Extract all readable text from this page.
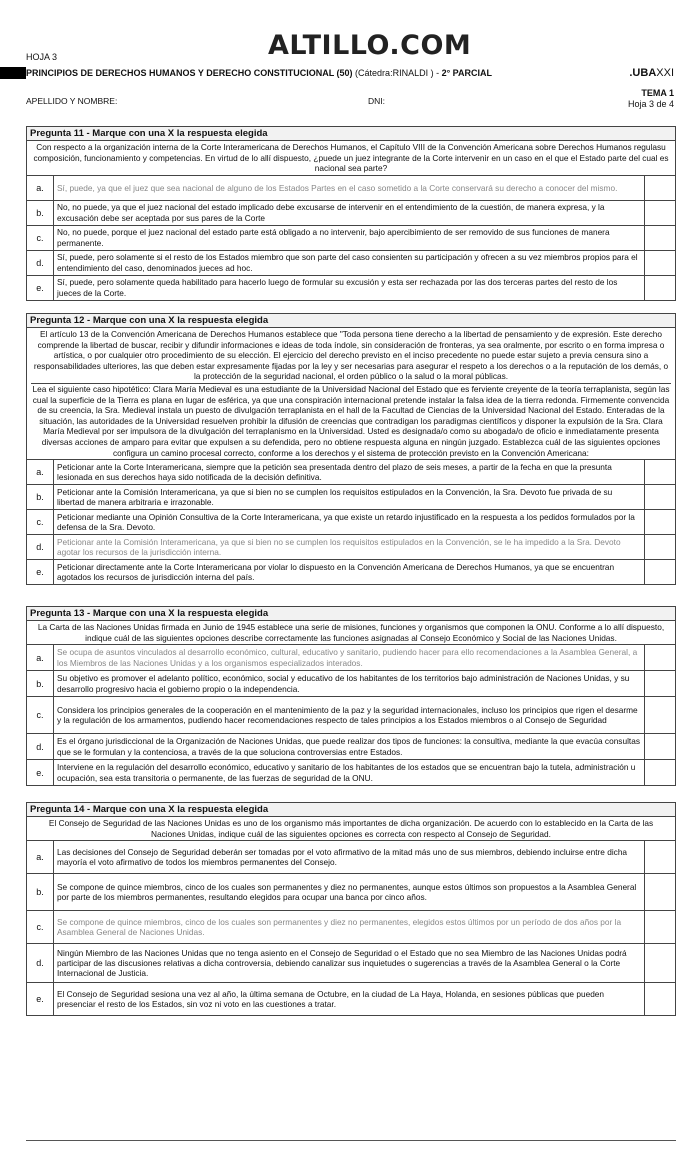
HOJA 3	ALTILLO.COM
PRINCIPIOS DE DERECHOS HUMANOS Y DERECHO CONSTITUCIONAL (50) (Cátedra:RINALDI ) - 2° PARCIAL	.UBAXXI
APELLIDO Y NOMBRE:	DNI:
TEMA 1
Hoja 3 de 4
Pregunta 11 - Marque con una X la respuesta elegida

Con respecto a la organización interna de la Corte Interamericana de Derechos Humanos, el Capítulo VIII de la Convención Americana sobre Derechos Humanos regulasu composición, funcionamiento y competencias. En virtud de lo allí dispuesto, ¿puede un juez integrante de la Corte intervenir en un caso en el que el Estado parte del cual es nacional sea parte?

a.	Sí, puede, ya que el juez que sea nacional de alguno de los Estados Partes en el caso sometido a la Corte conservará su derecho a conocer del mismo.
b.
No, no puede, ya que el juez nacional del estado implicado debe excusarse de intervenir en el entendimiento de la cuestión, de manera expresa, y la excusación debe ser aceptada por sus pares de la Corte
c.
No, no puede, porque el juez nacional del estado parte está obligado a no intervenir, bajo apercibimiento de ser removido de sus funciones de manera permanente.
d.
Sí, puede, pero solamente si el resto de los Estados miembro que son parte del caso consienten su participación y ofrecen a su vez miembros propios para el entendimiento del caso, denominados jueces ad hoc.
e.
Sí, puede, pero solamente queda habilitado para hacerlo luego de formular su excusión y esta ser rechazada por las dos terceras partes del resto de los jueces de la Corte.
Pregunta 12 - Marque con una X la respuesta elegida

El artículo 13 de la Convención Americana de Derechos Humanos establece que "Toda persona tiene derecho a la libertad de pensamiento y de expresión. Este derecho comprende la libertad de buscar, recibir y difundir informaciones e ideas de toda índole, sin consideración de fronteras, ya sea oralmente, por escrito o en forma impresa o artística, o por cualquier otro procedimiento de su elección. El ejercicio del derecho previsto en el inciso precedente no puede estar sujeto a previa censura sino a responsabilidades ulteriores, las que deben estar expresamente fijadas por la ley y ser necesarias para asegurar el respeto a los derechos o a la reputación de los demás, o la protección de la seguridad nacional, el orden público o la salud o la moral públicas.

Lea el siguiente caso hipotético: Clara María Medieval es una estudiante de la Universidad Nacional del Estado que es ferviente creyente de la teoría terraplanista, según las cual la superficie de la Tierra es plana en lugar de esférica, ya que una conspiración internacional pretende instalar la falsa idea de la tierra redonda. Firmemente convencida de su creencia, la Sra. Medieval instala un puesto de divulgación terraplanista en el hall de la Facultad de Ciencias de la Universidad Nacional del Estado. Enteradas de la situación, las autoridades de la Universidad resuelven prohibir la difusión de creencias que contradigan los paradigmas científicos y disponer la expulsión de la Sra. Clara María Medieval por ser impulsora de la divulgación del terraplanismo en la Universidad. Usted es designada/o como su abogada/o de oficio e inmediatamente presenta diversas acciones de amparo para evitar que expulsen a su defendida, pero no obtiene respuesta alguna en ningún juzgado. Establezca cuál de las siguientes opciones configura un camino procesal correcto, conforme a los derechos y el sistema de protección previsto en la Convención Americana:

a.
Peticionar ante la Corte Interamericana, siempre que la petición sea presentada dentro del plazo de seis meses, a partir de la fecha en que la presunta lesionada en sus derechos haya sido notificada de la decisión definitiva.
b.
Peticionar ante la Comisión Interamericana, ya que si bien no se cumplen los requisitos estipulados en la Convención, la Sra. Devoto fue privada de su libertad de manera arbitraria e irrazonable.
c.
Peticionar mediante una Opinión Consultiva de la Corte Interamericana, ya que existe un retardo injustificado en la respuesta a los pedidos formulados por la defensa de la Sra. Devoto.
d.
Peticionar ante la Comisión Interamericana, ya que si bien no se cumplen los requisitos estipulados en la Convención, se le ha impedido a la Sra. Devoto agotar los recursos de la jurisdicción interna.
e.
Peticionar directamente ante la Corte Interamericana por violar lo dispuesto en la Convención Americana de Derechos Humanos, ya que se encuentran agotados los recursos de jurisdicción interna del país.
Pregunta 13 - Marque con una X la respuesta elegida

La Carta de las Naciones Unidas firmada en Junio de 1945 establece una serie de misiones, funciones y organismos que componen la ONU. Conforme a lo allí dispuesto, indique cuál de las siguientes opciones describe correctamente las funciones asignadas al Consejo Económico y Social de las Naciones Unidas.

a.
Se ocupa de asuntos vinculados al desarrollo económico, cultural, educativo y sanitario, pudiendo hacer para ello recomendaciones a la Asamblea General, a los Miembros de las Naciones Unidas y a los organismos especializados interados.
b.
Su objetivo es promover el adelanto político, económico, social y educativo de los habitantes de los territorios bajo administración de Naciones Unidas, y su desarrollo progresivo hacia el gobierno propio o la independencia.
c.
Considera los principios generales de la cooperación en el mantenimiento de la paz y la seguridad internacionales, incluso los principios que rigen el desarme y la regulación de los armamentos, pudiendo hacer recomendaciones respecto de tales principios a los Estados miembros o al Consejo de Seguridad
d.
Es el órgano jurisdiccional de la Organización de Naciones Unidas, que puede realizar dos tipos de funciones: la consultiva, mediante la que evacúa consultas que se le formulan y la contenciosa, a través de la que soluciona controversias entre Estados.
e.
Interviene en la regulación del desarrollo económico, educativo y sanitario de los habitantes de los estados que se encuentran bajo la tutela, administración u ocupación, sea esta transitoria o permanente, de las fuerzas de seguridad de la ONU.
Pregunta 14 - Marque con una X la respuesta elegida

El Consejo de Seguridad de las Naciones Unidas es uno de los organismo más importantes de dicha organización. De acuerdo con lo establecido en la Carta de las Naciones Unidas, indique cuál de las siguientes opciones es correcta con respecto al Consejo de Seguridad.

a.
Las decisiones del Consejo de Seguridad deberán ser tomadas por el voto afirmativo de la mitad más uno de sus miembros, debiendo incluirse entre dicha mayoría el voto afirmativo de todos los miembros permanentes del Consejo.
b.
Se compone de quince miembros, cinco de los cuales son permanentes y diez no permanentes, aunque estos últimos son propuestos a la Asamblea General por parte de los miembros permanentes, resultando elegidos para ocupar una banca por cinco años.
c.
Se compone de quince miembros, cinco de los cuales son permanentes y diez no permanentes, elegidos estos últimos por un período de dos años por la Asamblea General de Naciones Unidas.
d.
Ningún Miembro de las Naciones Unidas que no tenga asiento en el Consejo de Seguridad o el Estado que no sea Miembro de las Naciones Unidas podrá participar de las discusiones relativas a dicha controversia, debiendo canalizar sus inquietudes o sugerencias a través de la Asamblea General o la Corte Internacional de Justicia.
e.
El Consejo de Seguridad sesiona una vez al año, la última semana de Octubre, en la ciudad de La Haya, Holanda, en sesiones públicas que pueden presenciar el resto de los Estados, sin voz ni voto en las cuestiones a tratar.
